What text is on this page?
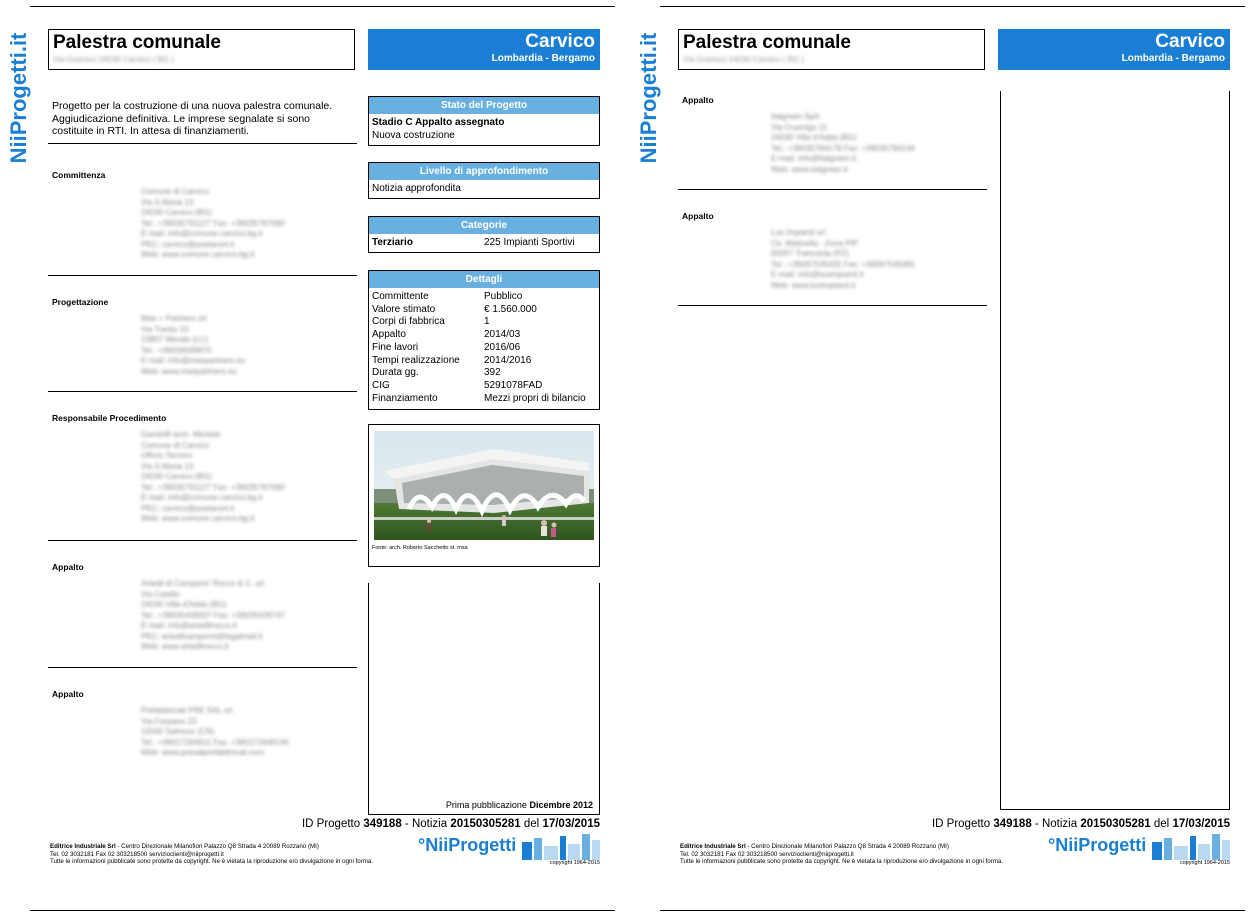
NiiProgetti.it Palestra comunale
Via Gramsci 24030 Carvico ( BG )
Carvico
Lombardia - Bergamo
Progetto per la costruzione di una nuova palestra comunale. Aggiudicazione definitiva. Le imprese segnalate si sono costituite in RTI. In attesa di finanziamenti.
Committenza
Comune di Carvico
Via S.Maria 13
24030 Carvico (BG)
Tel.: +39035791127 Fax: +39035797080
E-mail: info@comune.carvico.bg.it
PEC: carvico@postacert.it
Web: www.comune.carvico.bg.it
Progettazione
Mae + Partners srl
Via Trento 10
23807 Merate (LC)
Tel.: +39039599870
E-mail: info@maepartners.eu
Web: www.maepartners.eu
Responsabile Procedimento
Gandolfi arch. Michele
Comune di Carvico
Ufficio Tecnico
Via S.Maria 13
24030 Carvico (BG)
Tel.: +39035791127 Fax: +39035797080
E-mail: info@comune.carvico.bg.it
PEC: carvico@postacert.it
Web: www.comune.carvico.bg.it
Appalto
Artedil di Camperni' Rocco & C. srl
Via Catello
24030 Villa d'Adda (BG)
Tel.: +39035439007 Fax: +39035439747
E-mail: info@artedilrocco.it
PEC: artedilcamperni@legalmail.it
Web: www.artedilrocco.it
Appalto
Prefabbricati PRE SAL srl
Via Fossano 23
12040 Salmour (CN)
Tel.: +39017264911 Fax: +390172649140
Web: www.presalprefabbricati.com
Stato del Progetto
Stadio C Appalto assegnato
Nuova costruzione
Livello di approfondimento
Notizia approfondita
Categorie
Terziario	225 Impianti Sportivi
Dettagli
Committente	Pubblico
Valore stimato	€ 1.560.000
Corpi di fabbrica	1
Appalto	2014/03
Fine lavori	2016/06
Tempi realizzazione	2014/2016
Durata gg.	392
CIG	5291078FAD
Finanziamento	Mezzi propri di bilancio
Fonte: arch. Roberto Sacchetto st. msa
Prima pubblicazione Dicembre 2012
ID Progetto 349188 - Notizia 20150305281 del 17/03/2015
Editrice Industriale Srl - Centro Direzionale Milanofiori Palazzo Q8 Strada 4 20089 Rozzano (MI)
Tel. 02 3032181 Fax 02 303218500 servizioclienti@niiprogetti.it
Tutte le informazioni pubblicate sono protette da copyright. Ne è vietata la riproduzione e/o divulgazione in ogni forma.
°NiiProgetti
copyright 1964-2015
NiiProgetti.it Palestra comunale
Via Gramsci 24030 Carvico ( BG )
Carvico
Lombardia - Bergamo
Appalto
Italgreen SpA
Via Crusnigo 11
24030 Villa d'Adda (BG)
Tel.: +39035784178 Fax: +39035784144
E-mail: info@italgreen.it
Web: www.italgreen.it
Appalto
Luo Impianti srl
Ctr. Matinella - Zona PIP
65057 Tramutola (PZ)
Tel.: +39097535432 Fax: +39097535481
E-mail: info@luoimpianti.it
Web: www.luoimpianti.it
ID Progetto 349188 - Notizia 20150305281 del 17/03/2015
Editrice Industriale Srl - Centro Direzionale Milanofiori Palazzo Q8 Strada 4 20089 Rozzano (MI)
Tel. 02 3032181 Fax 02 303218500 servizioclienti@niiprogetti.it
Tutte le informazioni pubblicate sono protette da copyright. Ne è vietata la riproduzione e/o divulgazione in ogni forma.
°NiiProgetti
copyright 1964-2015
